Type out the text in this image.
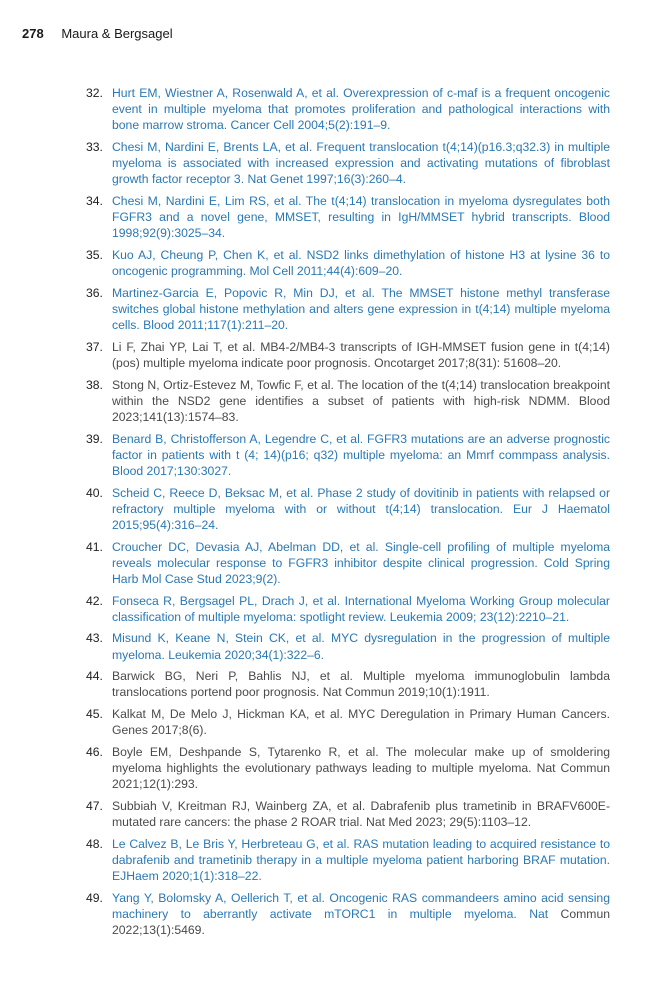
278 Maura & Bergsagel
32. Hurt EM, Wiestner A, Rosenwald A, et al. Overexpression of c-maf is a frequent oncogenic event in multiple myeloma that promotes proliferation and pathological interactions with bone marrow stroma. Cancer Cell 2004;5(2):191–9.
33. Chesi M, Nardini E, Brents LA, et al. Frequent translocation t(4;14)(p16.3;q32.3) in multiple myeloma is associated with increased expression and activating mutations of fibroblast growth factor receptor 3. Nat Genet 1997;16(3):260–4.
34. Chesi M, Nardini E, Lim RS, et al. The t(4;14) translocation in myeloma dysregulates both FGFR3 and a novel gene, MMSET, resulting in IgH/MMSET hybrid transcripts. Blood 1998;92(9):3025–34.
35. Kuo AJ, Cheung P, Chen K, et al. NSD2 links dimethylation of histone H3 at lysine 36 to oncogenic programming. Mol Cell 2011;44(4):609–20.
36. Martinez-Garcia E, Popovic R, Min DJ, et al. The MMSET histone methyl transferase switches global histone methylation and alters gene expression in t(4;14) multiple myeloma cells. Blood 2011;117(1):211–20.
37. Li F, Zhai YP, Lai T, et al. MB4-2/MB4-3 transcripts of IGH-MMSET fusion gene in t(4;14)(pos) multiple myeloma indicate poor prognosis. Oncotarget 2017;8(31): 51608–20.
38. Stong N, Ortiz-Estevez M, Towfic F, et al. The location of the t(4;14) translocation breakpoint within the NSD2 gene identifies a subset of patients with high-risk NDMM. Blood 2023;141(13):1574–83.
39. Benard B, Christofferson A, Legendre C, et al. FGFR3 mutations are an adverse prognostic factor in patients with t (4; 14)(p16; q32) multiple myeloma: an Mmrf commpass analysis. Blood 2017;130:3027.
40. Scheid C, Reece D, Beksac M, et al. Phase 2 study of dovitinib in patients with relapsed or refractory multiple myeloma with or without t(4;14) translocation. Eur J Haematol 2015;95(4):316–24.
41. Croucher DC, Devasia AJ, Abelman DD, et al. Single-cell profiling of multiple myeloma reveals molecular response to FGFR3 inhibitor despite clinical progression. Cold Spring Harb Mol Case Stud 2023;9(2).
42. Fonseca R, Bergsagel PL, Drach J, et al. International Myeloma Working Group molecular classification of multiple myeloma: spotlight review. Leukemia 2009; 23(12):2210–21.
43. Misund K, Keane N, Stein CK, et al. MYC dysregulation in the progression of multiple myeloma. Leukemia 2020;34(1):322–6.
44. Barwick BG, Neri P, Bahlis NJ, et al. Multiple myeloma immunoglobulin lambda translocations portend poor prognosis. Nat Commun 2019;10(1):1911.
45. Kalkat M, De Melo J, Hickman KA, et al. MYC Deregulation in Primary Human Cancers. Genes 2017;8(6).
46. Boyle EM, Deshpande S, Tytarenko R, et al. The molecular make up of smoldering myeloma highlights the evolutionary pathways leading to multiple myeloma. Nat Commun 2021;12(1):293.
47. Subbiah V, Kreitman RJ, Wainberg ZA, et al. Dabrafenib plus trametinib in BRAFV600E-mutated rare cancers: the phase 2 ROAR trial. Nat Med 2023; 29(5):1103–12.
48. Le Calvez B, Le Bris Y, Herbreteau G, et al. RAS mutation leading to acquired resistance to dabrafenib and trametinib therapy in a multiple myeloma patient harboring BRAF mutation. EJHaem 2020;1(1):318–22.
49. Yang Y, Bolomsky A, Oellerich T, et al. Oncogenic RAS commandeers amino acid sensing machinery to aberrantly activate mTORC1 in multiple myeloma. Nat Commun 2022;13(1):5469.
